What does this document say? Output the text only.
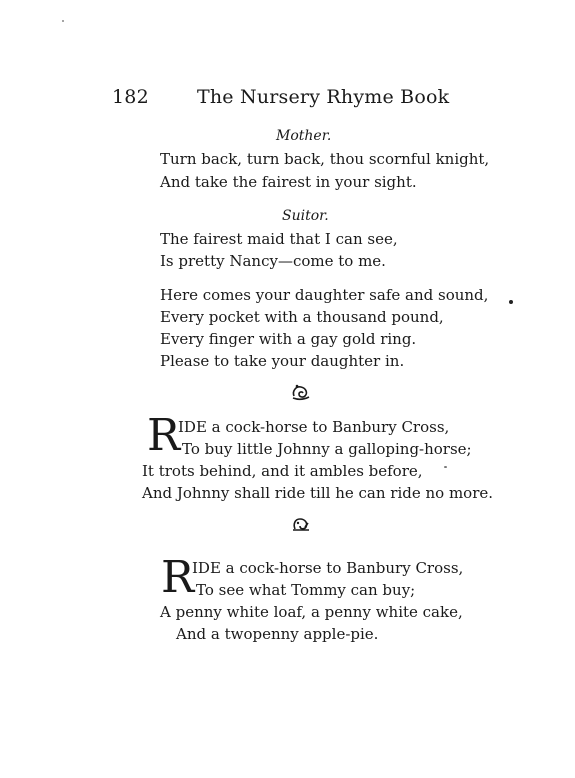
182	The Nursery Rhyme Book
Mother.
Turn back, turn back, thou scornful knight,
And take the fairest in your sight.
Suitor.
The fairest maid that I can see,
Is pretty Nancy—come to me.
Here comes your daughter safe and sound,
Every pocket with a thousand pound,
Every finger with a gay gold ring.
Please to take your daughter in.
R
IDE a cock-horse to Banbury Cross,
To buy little Johnny a galloping-horse;
It trots behind, and it ambles before,
And Johnny shall ride till he can ride no more.
R
IDE a cock-horse to Banbury Cross,
To see what Tommy can buy;
A penny white loaf, a penny white cake,
And a twopenny apple-pie.
